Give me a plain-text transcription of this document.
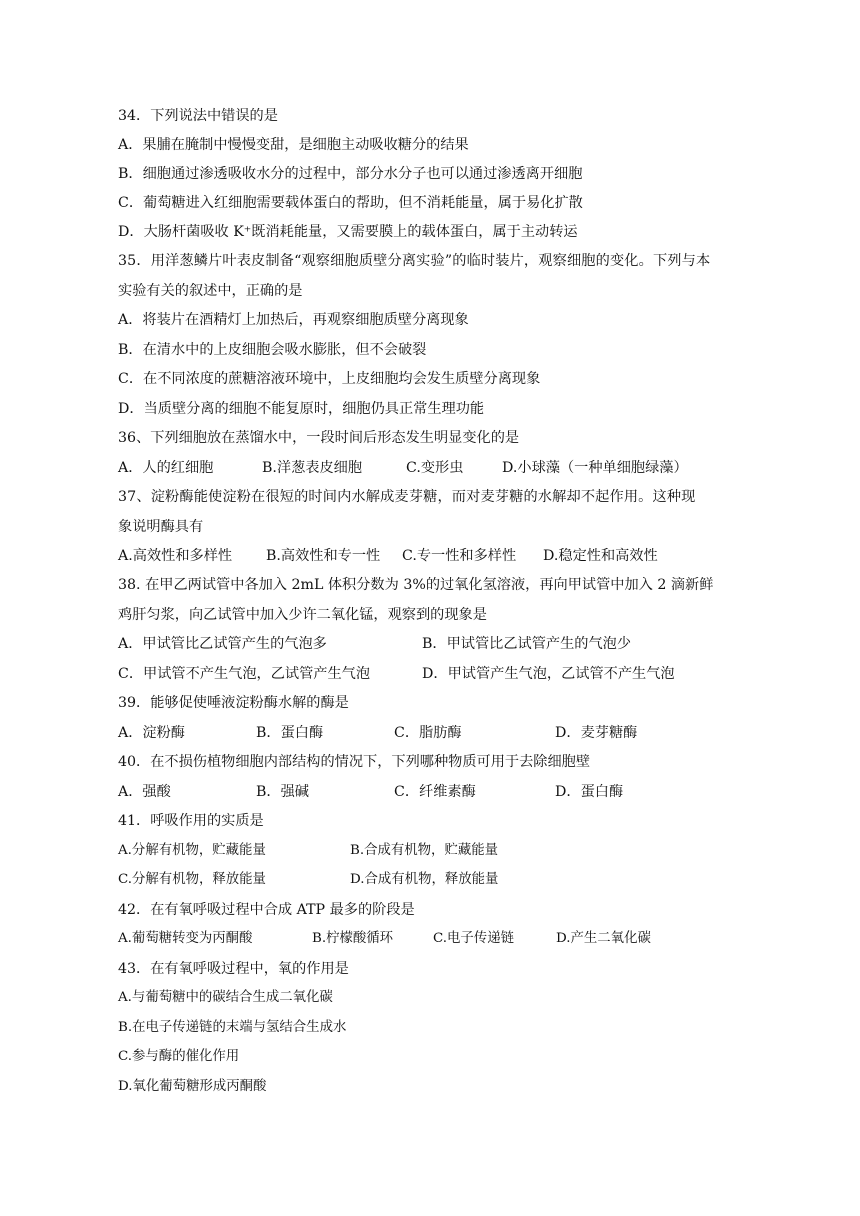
34．下列说法中错误的是
A．果脯在腌制中慢慢变甜，是细胞主动吸收糖分的结果
B．细胞通过渗透吸收水分的过程中，部分水分子也可以通过渗透离开细胞
C．葡萄糖进入红细胞需要载体蛋白的帮助，但不消耗能量，属于易化扩散
D．大肠杆菌吸收 K⁺既消耗能量，又需要膜上的载体蛋白，属于主动转运
35．用洋葱鳞片叶表皮制备“观察细胞质壁分离实验”的临时装片，观察细胞的变化。下列与本
实验有关的叙述中，正确的是
A．将装片在酒精灯上加热后，再观察细胞质壁分离现象
B．在清水中的上皮细胞会吸水膨胀，但不会破裂
C．在不同浓度的蔗糖溶液环境中，上皮细胞均会发生质壁分离现象
D．当质壁分离的细胞不能复原时，细胞仍具正常生理功能
36、下列细胞放在蒸馏水中，一段时间后形态发生明显变化的是
A．人的红细胞	B.洋葱表皮细胞	C.变形虫	D.小球藻（一种单细胞绿藻）
37、淀粉酶能使淀粉在很短的时间内水解成麦芽糖，而对麦芽糖的水解却不起作用。这种现
象说明酶具有
A.高效性和多样性 B.高效性和专一性 C.专一性和多样性 D.稳定性和高效性
38. 在甲乙两试管中各加入 2mL 体积分数为 3%的过氧化氢溶液，再向甲试管中加入 2 滴新鲜
鸡肝匀浆，向乙试管中加入少许二氧化锰，观察到的现象是
A．甲试管比乙试管产生的气泡多	B．甲试管比乙试管产生的气泡少
C．甲试管不产生气泡，乙试管产生气泡	D．甲试管产生气泡，乙试管不产生气泡
39．能够促使唾液淀粉酶水解的酶是
A．淀粉酶	B．蛋白酶	C．脂肪酶	D．麦芽糖酶
40．在不损伤植物细胞内部结构的情况下，下列哪种物质可用于去除细胞壁
A．强酸	B．强碱	C．纤维素酶	D．蛋白酶
41．呼吸作用的实质是
A.分解有机物，贮藏能量	B.合成有机物，贮藏能量
C.分解有机物，释放能量	D.合成有机物，释放能量
42．在有氧呼吸过程中合成 ATP 最多的阶段是
A.葡萄糖转变为丙酮酸	B.柠檬酸循环	C.电子传递链	D.产生二氧化碳
43．在有氧呼吸过程中，氧的作用是
A.与葡萄糖中的碳结合生成二氧化碳
B.在电子传递链的末端与氢结合生成水
C.参与酶的催化作用
D.氧化葡萄糖形成丙酮酸
